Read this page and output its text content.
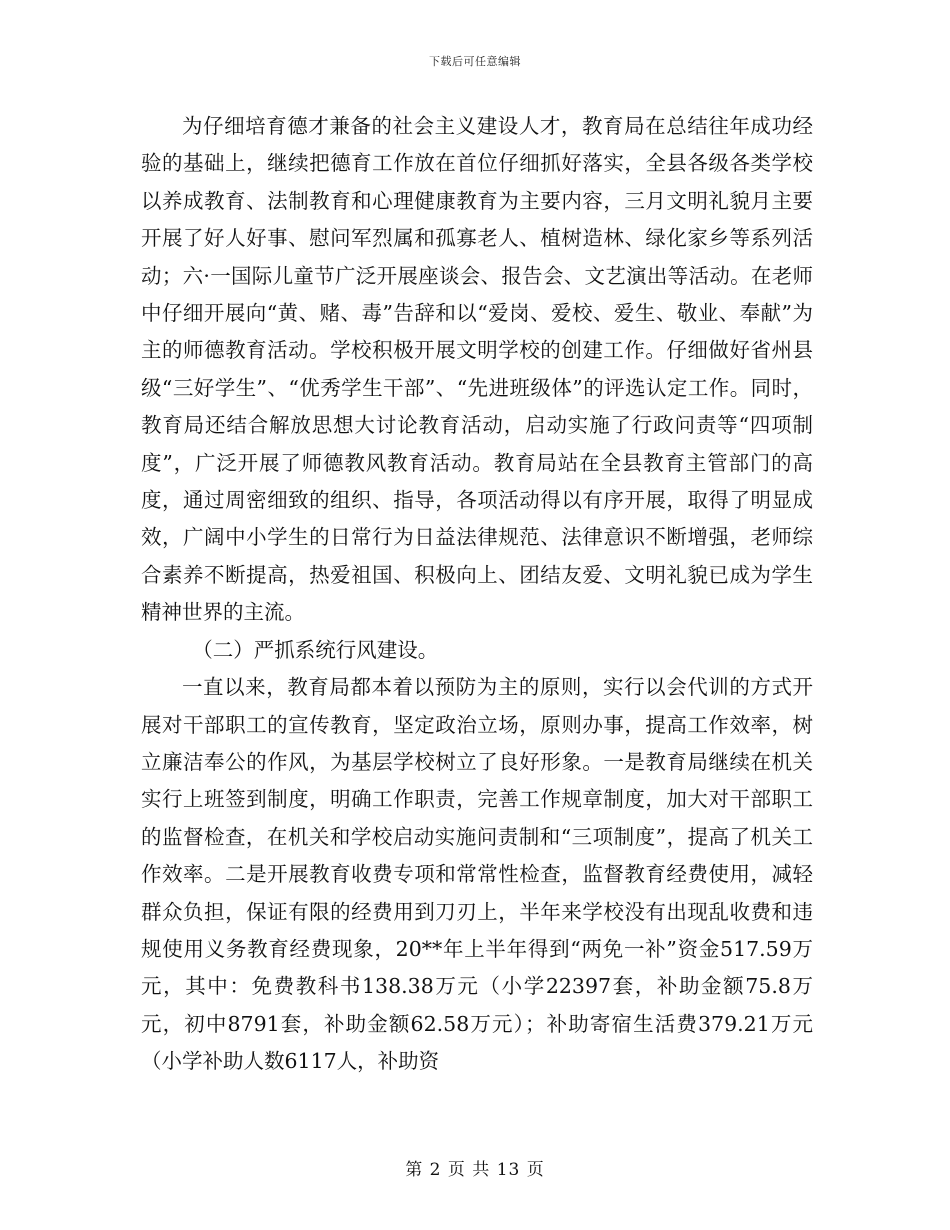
下载后可任意编辑

为仔细培育德才兼备的社会主义建设人才，教育局在总结往年成功经验的基础上，继续把德育工作放在首位仔细抓好落实，全县各级各类学校以养成教育、法制教育和心理健康教育为主要内容，三月文明礼貌月主要开展了好人好事、慰问军烈属和孤寡老人、植树造林、绿化家乡等系列活动；六·一国际儿童节广泛开展座谈会、报告会、文艺演出等活动。在老师中仔细开展向“黄、赌、毒”告辞和以“爱岗、爱校、爱生、敬业、奉献”为主的师德教育活动。学校积极开展文明学校的创建工作。仔细做好省州县级“三好学生”、“优秀学生干部”、“先进班级体”的评选认定工作。同时，教育局还结合解放思想大讨论教育活动，启动实施了行政问责等“四项制度”，广泛开展了师德教风教育活动。教育局站在全县教育主管部门的高度，通过周密细致的组织、指导，各项活动得以有序开展，取得了明显成效，广阔中小学生的日常行为日益法律规范、法律意识不断增强，老师综合素养不断提高，热爱祖国、积极向上、团结友爱、文明礼貌已成为学生精神世界的主流。

（二）严抓系统行风建设。

一直以来，教育局都本着以预防为主的原则，实行以会代训的方式开展对干部职工的宣传教育，坚定政治立场，原则办事，提高工作效率，树立廉洁奉公的作风，为基层学校树立了良好形象。一是教育局继续在机关实行上班签到制度，明确工作职责，完善工作规章制度，加大对干部职工的监督检查，在机关和学校启动实施问责制和“三项制度”，提高了机关工作效率。二是开展教育收费专项和常常性检查，监督教育经费使用，减轻群众负担，保证有限的经费用到刀刃上，半年来学校没有出现乱收费和违规使用义务教育经费现象，20**年上半年得到“两免一补”资金517.59万元，其中：免费教科书138.38万元（小学22397套，补助金额75.8万元，初中8791套，补助金额62.58万元）；补助寄宿生活费379.21万元（小学补助人数6117人，补助资

第 2 页 共 13 页
